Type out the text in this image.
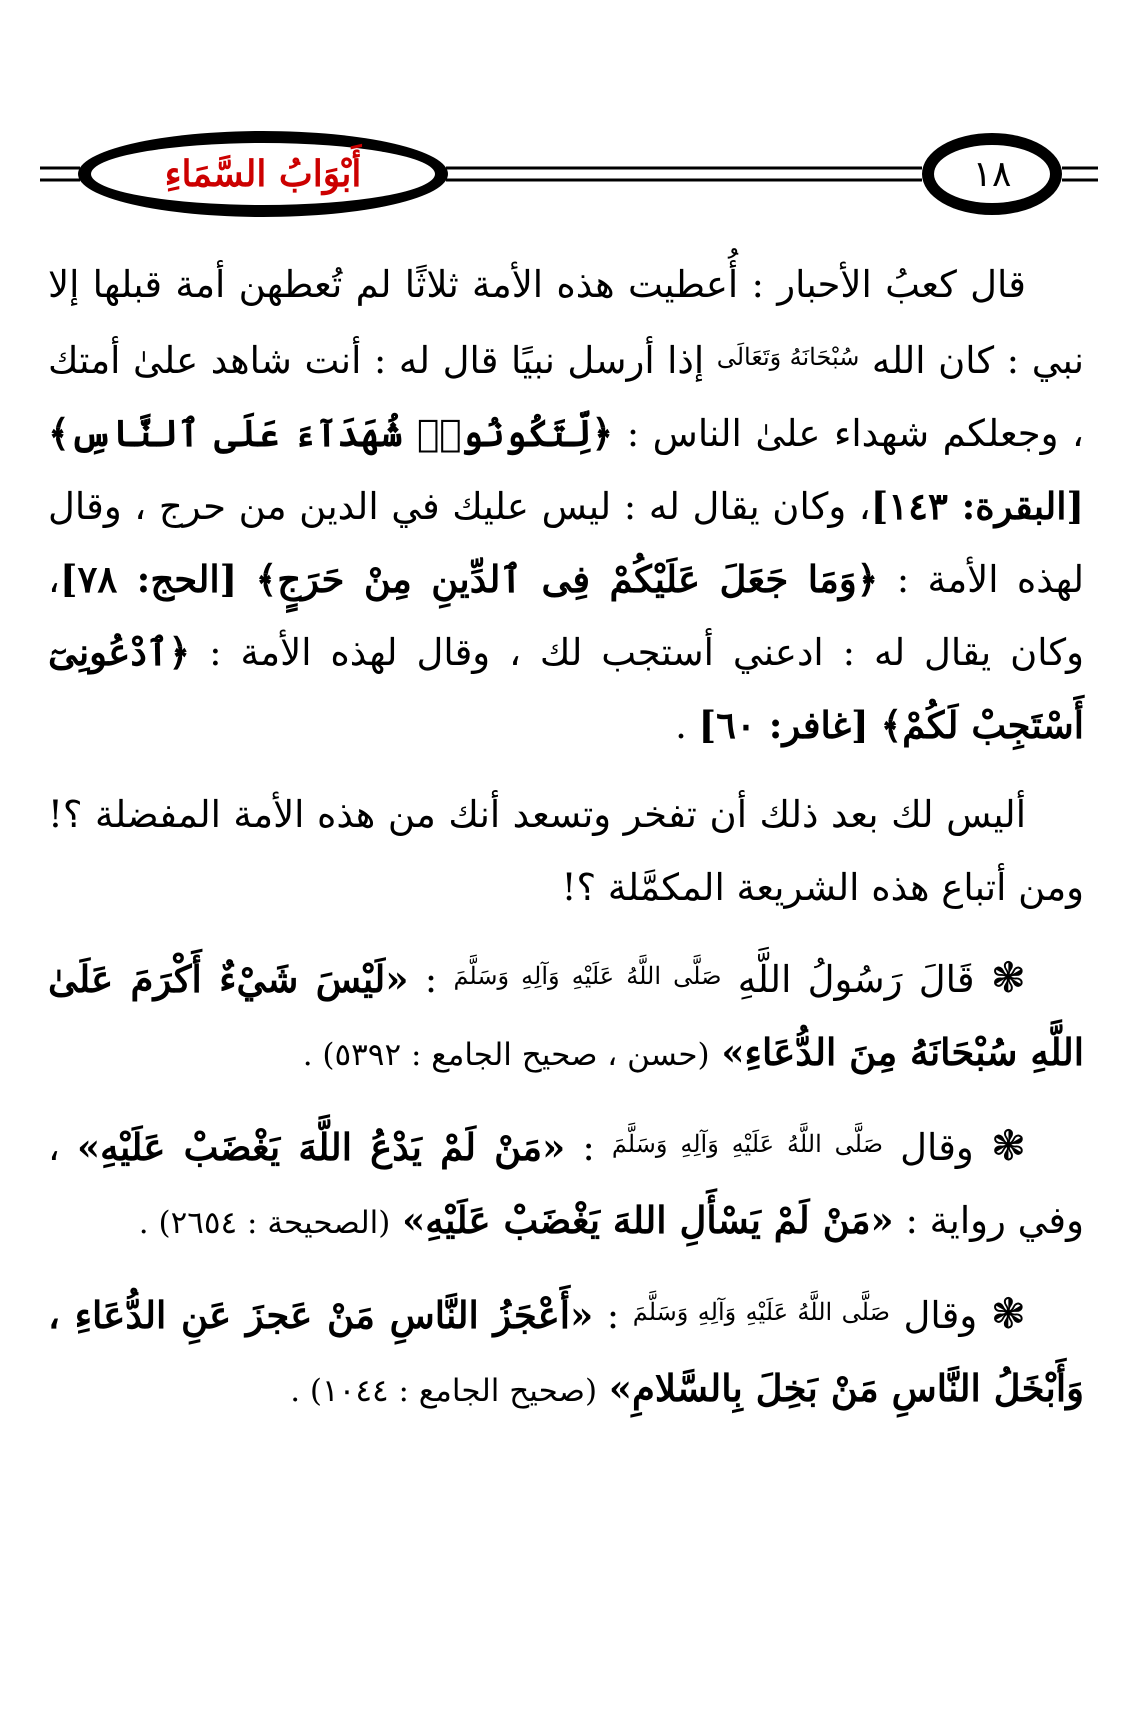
أَبْوَابُ السَّمَاءِ	١٨

قال كعبُ الأحبار : أُعطيت هذه الأمة ثلاثًا لم تُعطهن أمة قبلها إلا نبي : كان الله $^{سُبْحَانَهُ وَتَعَالَى}$ إذا أرسل نبيًا قال له : أنت شاهد علىٰ أمتك ، وجعلكم شهداء علىٰ الناس : ﴿لِّتَكُونُوا۟ شُهَدَآءَ عَلَى ٱلنَّاسِ﴾ [البقرة: ١٤٣]، وكان يقال له : ليس عليك في الدين من حرج ، وقال لهذه الأمة : ﴿وَمَا جَعَلَ عَلَيْكُمْ فِى ٱلدِّينِ مِنْ حَرَجٍ﴾ [الحج: ٧٨]، وكان يقال له : ادعني أستجب لك ، وقال لهذه الأمة : ﴿ٱدْعُونِىٓ أَسْتَجِبْ لَكُمْ﴾ [غافر: ٦٠] .

أليس لك بعد ذلك أن تفخر وتسعد أنك من هذه الأمة المفضلة ؟! ومن أتباع هذه الشريعة المكمَّلة ؟!

❃ قَالَ رَسُولُ اللَّهِ $^{صَلَّى اللَّهُ عَلَيْهِ وَآلِهِ وَسَلَّمَ}$ : «لَيْسَ شَيْءٌ أَكْرَمَ عَلَىٰ اللَّهِ سُبْحَانَهُ مِنَ الدُّعَاءِ» (حسن ، صحيح الجامع : ٥٣٩٢) .

❃ وقال $^{صَلَّى اللَّهُ عَلَيْهِ وَآلِهِ وَسَلَّمَ}$ : «مَنْ لَمْ يَدْعُ اللَّهَ يَغْضَبْ عَلَيْهِ» ، وفي رواية : «مَنْ لَمْ يَسْأَلِ اللهَ يَغْضَبْ عَلَيْهِ» (الصحيحة : ٢٦٥٤) .

❃ وقال $^{صَلَّى اللَّهُ عَلَيْهِ وَآلِهِ وَسَلَّمَ}$ : «أَعْجَزُ النَّاسِ مَنْ عَجزَ عَنِ الدُّعَاءِ ، وَأَبْخَلُ النَّاسِ مَنْ بَخِلَ بِالسَّلامِ» (صحيح الجامع : ١٠٤٤) .
